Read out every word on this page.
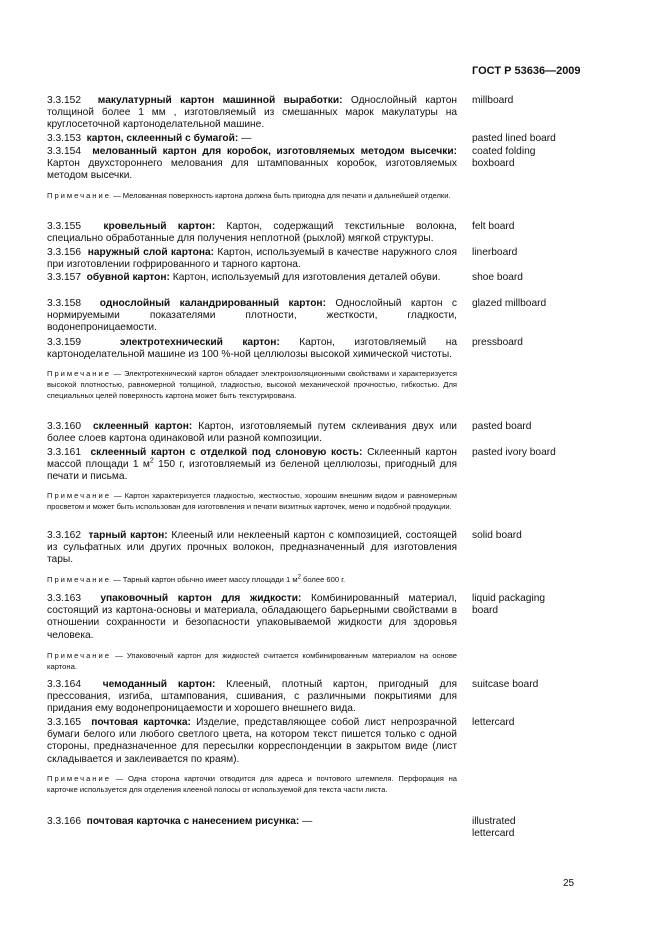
ГОСТ Р 53636—2009
3.3.152 макулатурный картон машинной выработки: Однослойный картон толщиной более 1 мм , изготовляемый из смешанных марок макулатуры на круглосеточной картоноделательной машине.
3.3.153 картон, склеенный с бумагой: —
3.3.154 мелованный картон для коробок, изготовляемых методом высечки: Картон двухстороннего мелования для штампованных коробок, изготовляемых методом высечки.
Примечание — Мелованная поверхность картона должна быть пригодна для печати и дальнейшей отделки.
3.3.155 кровельный картон: Картон, содержащий текстильные волокна, специально обработанные для получения неплотной (рыхлой) мягкой структуры.
3.3.156 наружный слой картона: Картон, используемый в качестве наружного слоя при изготовлении гофрированного и тарного картона.
3.3.157 обувной картон: Картон, используемый для изготовления деталей обуви.
3.3.158 однослойный каландрированный картон: Однослойный картон с нормируемыми показателями плотности, жесткости, гладкости, водонепроницаемости.
3.3.159	электротехнический картон: Картон, изготовляемый на картоноделательной машине из 100 %-ной целлюлозы высокой химической чистоты.
Примечание — Электротехнический картон обладает электроизоляционными свойствами и характеризуется высокой плотностью, равномерной толщиной, гладкостью, высокой механической прочностью, гибкостью. Для специальных целей поверхность картона может быть текстурирована.
3.3.160 склеенный картон: Картон, изготовляемый путем склеивания двух или более слоев картона одинаковой или разной композиции.
3.3.161 склеенный картон с отделкой под слоновую кость: Склеенный картон массой площади 1 $м^2$ 150 г, изготовляемый из беленой целлюлозы, пригодный для печати и письма.
Примечание — Картон характеризуется гладкостью, жесткостью, хорошим внешним видом и равномерным просветом и может быть использован для изготовления и печати визитных карточек, меню и подобной продукции.
3.3.162 тарный картон: Клееный или неклееный картон с композицией, состоящей из сульфатных или других прочных волокон, предназначенный для изготовления тары.
Примечание — Тарный картон обычно имеет массу площади 1 $м^2$ более 600 г.
3.3.163 упаковочный картон для жидкости: Комбинированный материал, состоящий из картона-основы и материала, обладающего барьерными свойствами в отношении сохранности и безопасности упаковываемой жидкости для здоровья человека.
Примечание — Упаковочный картон для жидкостей считается комбинированным материалом на основе картона.
3.3.164 чемоданный картон: Клееный, плотный картон, пригодный для прессования, изгиба, штампования, сшивания, с различными покрытиями для придания ему водонепроницаемости и хорошего внешнего вида.
3.3.165 почтовая карточка: Изделие, представляющее собой лист непрозрачной бумаги белого или любого светлого цвета, на котором текст пишется только с одной стороны, предназначенное для пересылки корреспонденции в закрытом виде (лист складывается и заклеивается по краям).
Примечание — Одна сторона карточки отводится для адреса и почтового штемпеля. Перфорация на карточке используется для отделения клееной полосы от используемой для текста части листа.
3.3.166 почтовая карточка с нанесением рисунка: —
millboard
pasted lined board
coated folding boxboard
felt board
linerboard
shoe board
glazed millboard
pressboard
pasted board
pasted ivory board
solid board
liquid packaging board
suitcase board
lettercard
illustrated lettercard
25
